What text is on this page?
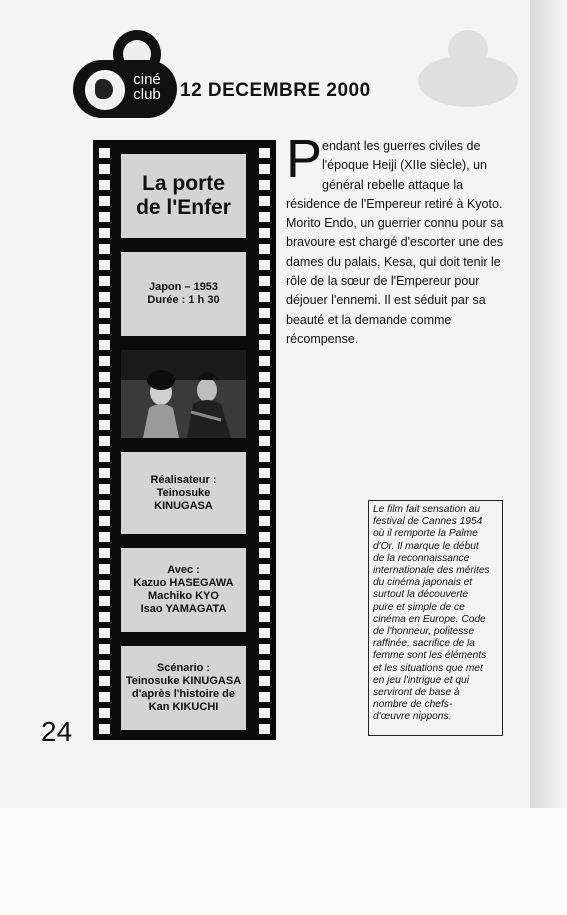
ciné
club	12 DECEMBRE 2000
La porte
de l'Enfer
Japon – 1953
Durée : 1 h 30
Réalisateur :
Teinosuke
KINUGASA
Avec :
Kazuo HASEGAWA
Machiko KYO
Isao YAMAGATA
Scénario :
Teinosuke KINUGASA
d'après l'histoire de
Kan KIKUCHI
P endant les guerres civiles de
l'époque Heiji (XIIe siècle), un
général rebelle attaque la
résidence de l'Empereur retiré à Kyoto.
Morito Endo, un guerrier connu pour sa
bravoure est chargé d'escorter une des
dames du palais, Kesa, qui doit tenir le
rôle de la sœur de l'Empereur pour
déjouer l'ennemi. Il est séduit par sa
beauté et la demande comme
récompense.
Le film fait sensation au
festival de Cannes 1954
où il remporte la Palme
d'Or. Il marque le début
de la reconnaissance
internationale des mérites
du cinéma japonais et
surtout la découverte
pure et simple de ce
cinéma en Europe. Code
de l'honneur, politesse
raffinée, sacrifice de la
femme sont les éléments
et les situations que met
en jeu l'intrigue et qui
serviront de base à
nombre de chefs-
d'œuvre nippons.
24
